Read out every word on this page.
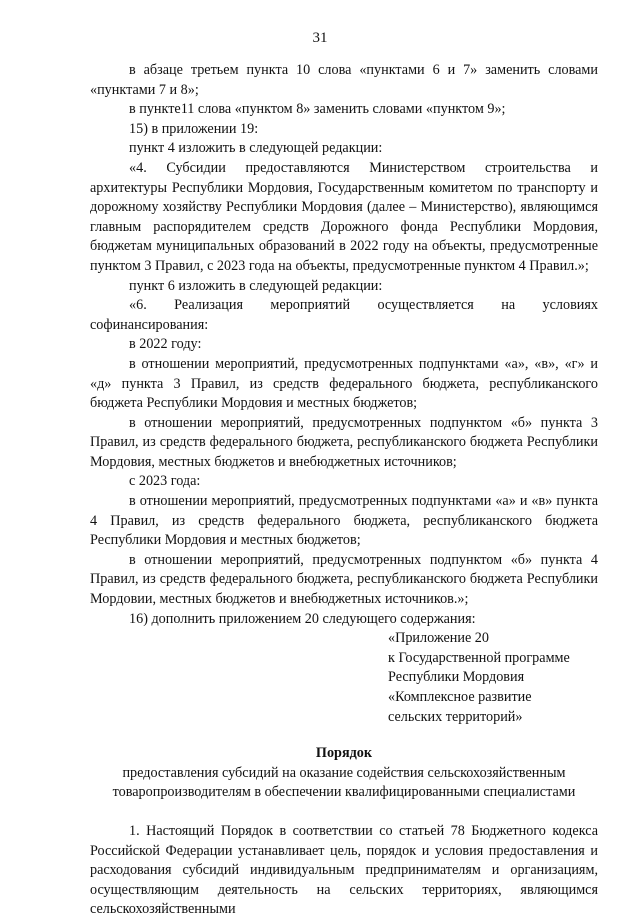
31

в абзаце третьем пункта 10 слова «пунктами 6 и 7» заменить словами «пунктами 7 и 8»;

в пункте11 слова «пунктом 8» заменить словами «пунктом 9»;

15) в приложении 19:

пункт 4 изложить в следующей редакции:

«4. Субсидии предоставляются Министерством строительства и архитектуры Республики Мордовия, Государственным комитетом по транспорту и дорожному хозяйству Республики Мордовия (далее – Министерство), являющимся главным распорядителем средств Дорожного фонда Республики Мордовия, бюджетам муниципальных образований в 2022 году на объекты, предусмотренные пунктом 3 Правил, с 2023 года на объекты, предусмотренные пунктом 4 Правил.»;

пункт 6 изложить в следующей редакции:

«6. Реализация мероприятий осуществляется на условиях софинансирования:

в 2022 году:

в отношении мероприятий, предусмотренных подпунктами «а», «в», «г» и «д» пункта 3 Правил, из средств федерального бюджета, республиканского бюджета Республики Мордовия и местных бюджетов;

в отношении мероприятий, предусмотренных подпунктом «б» пункта 3 Правил, из средств федерального бюджета, республиканского бюджета Республики Мордовия, местных бюджетов и внебюджетных источников;

с 2023 года:

в отношении мероприятий, предусмотренных подпунктами «а» и «в» пункта 4 Правил, из средств федерального бюджета, республиканского бюджета Республики Мордовия и местных бюджетов;

в отношении мероприятий, предусмотренных подпунктом «б» пункта 4 Правил, из средств федерального бюджета, республиканского бюджета Республики Мордовии, местных бюджетов и внебюджетных источников.»;

16) дополнить приложением 20 следующего содержания:

«Приложение 20
к Государственной программе
Республики Мордовия
«Комплексное развитие
сельских территорий»
Порядок
предоставления субсидий на оказание содействия сельскохозяйственным товаропроизводителям в обеспечении квалифицированными специалистами

1. Настоящий Порядок в соответствии со статьей 78 Бюджетного кодекса Российской Федерации устанавливает цель, порядок и условия предоставления и расходования субсидий индивидуальным предпринимателям и организациям, осуществляющим деятельность на сельских территориях, являющимся сельскохозяйственными
